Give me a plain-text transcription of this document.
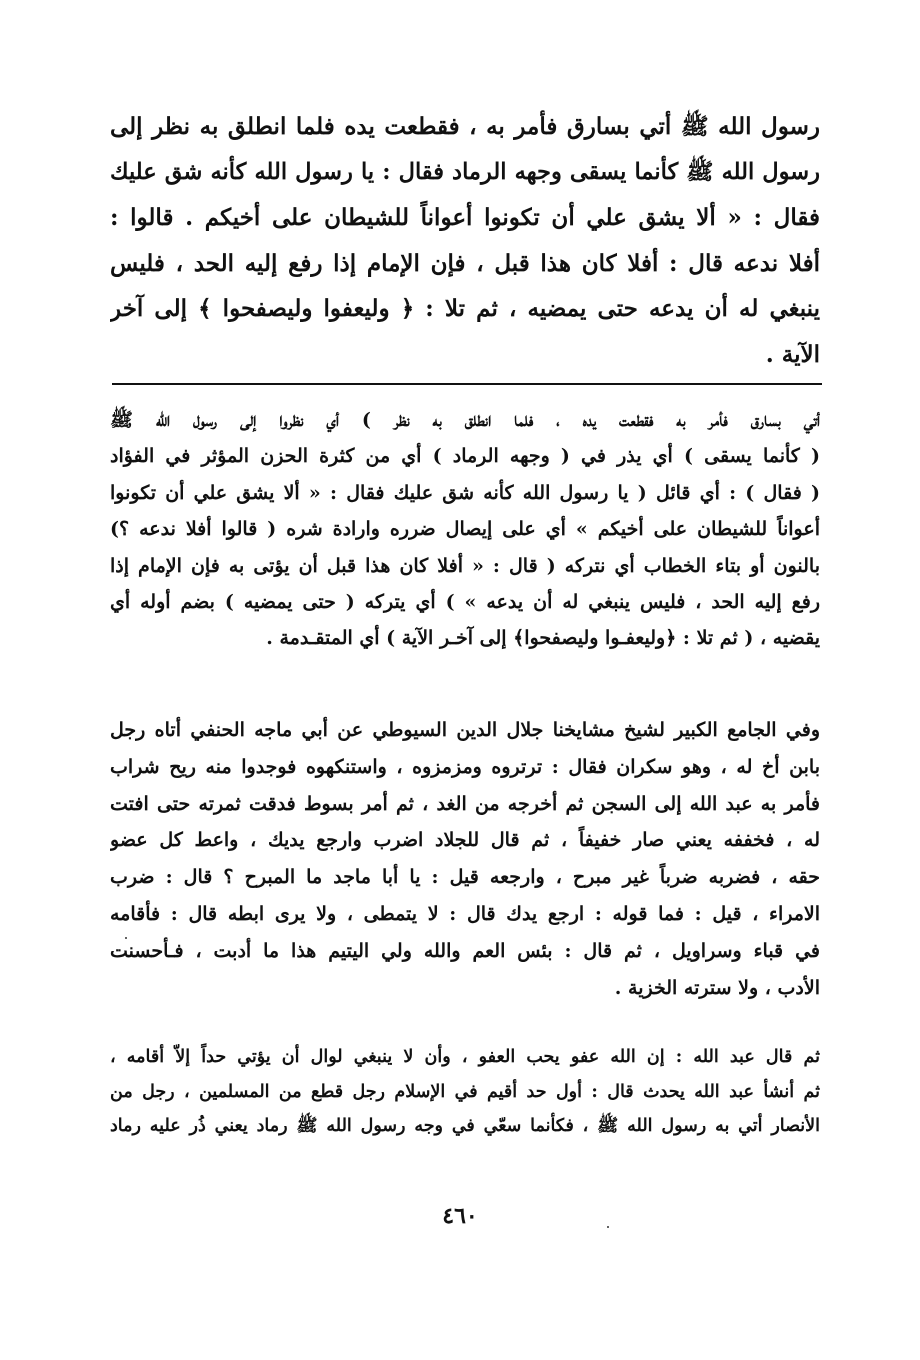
رسول الله ﷺ أتي بسارق فأمر به ، فقطعت يده فلما انطلق به نظر إلى
رسول الله ﷺ كأنما يسقى وجهه الرماد فقال : يا رسول الله كأنه شق عليك
فقال : « ألا يشق علي أن تكونوا أعواناً للشيطان على أخيكم . قالوا :
أفلا ندعه قال : أفلا كان هذا قبل ، فإن الإمام إذا رفع إليه الحد ، فليس
ينبغي له أن يدعه حتى يمضيه ، ثم تلا : ﴿ وليعفوا وليصفحوا ﴾ إلى آخر
الآية .
أتي بسارق فأمر به فقطعت يده ، فلما انطلق به نظر ) أي نظروا إلى رسول الله ﷺ
( كأنما يسقى ) أي يذر في ( وجهه الرماد ) أي من كثرة الحزن المؤثر في الفؤاد
( فقال ) : أي قائل ( يا رسول الله كأنه شق عليك فقال : « ألا يشق علي أن تكونوا
أعواناً للشيطان على أخيكم » أي على إيصال ضرره وارادة شره ( قالوا أفلا ندعه ؟)
بالنون أو بتاء الخطاب أي نتركه ( قال : « أفلا كان هذا قبل أن يؤتى به فإن الإمام إذا
رفع إليه الحد ، فليس ينبغي له أن يدعه » ) أي يتركه ( حتى يمضيه ) بضم أوله أي
يقضيه ، ( ثم تلا : ﴿وليعفـوا وليصفحوا﴾ إلى آخـر الآية ) أي المتقـدمة .
وفي الجامع الكبير لشيخ مشايخنا جلال الدين السيوطي عن أبي ماجه الحنفي أتاه رجل
بابن أخ له ، وهو سكران فقال : ترتروه ومزمزوه ، واستنكهوه فوجدوا منه ريح شراب
فأمر به عبد الله إلى السجن ثم أخرجه من الغد ، ثم أمر بسوط فدقت ثمرته حتى افتت
له ، فخففه يعني صار خفيفاً ، ثم قال للجلاد اضرب وارجع يديك ، واعط كل عضو
حقه ، فضربه ضرباً غير مبرح ، وارجعه قيل : يا أبا ماجد ما المبرح ؟ قال : ضرب
الامراء ، قيل : فما قوله : ارجع يدك قال : لا يتمطى ، ولا يرى ابطه قال : فأقامه
في قباء وسراويل ، ثم قال : بئس العم والله ولي اليتيم هذا ما أدبت ، فـأحسنت
الأدب ، ولا سترته الخزية .
ثم قال عبد الله : إن الله عفو يحب العفو ، وأن لا ينبغي لوال أن يؤتي حداً إلاّ أقامه ،
ثم أنشأ عبد الله يحدث قال : أول حد أقيم في الإسلام رجل قطع من المسلمين ، رجل من
الأنصار أتي به رسول الله ﷺ ، فكأنما سعّي في وجه رسول الله ﷺ رماد يعني ذُر عليه رماد
٤٦٠
